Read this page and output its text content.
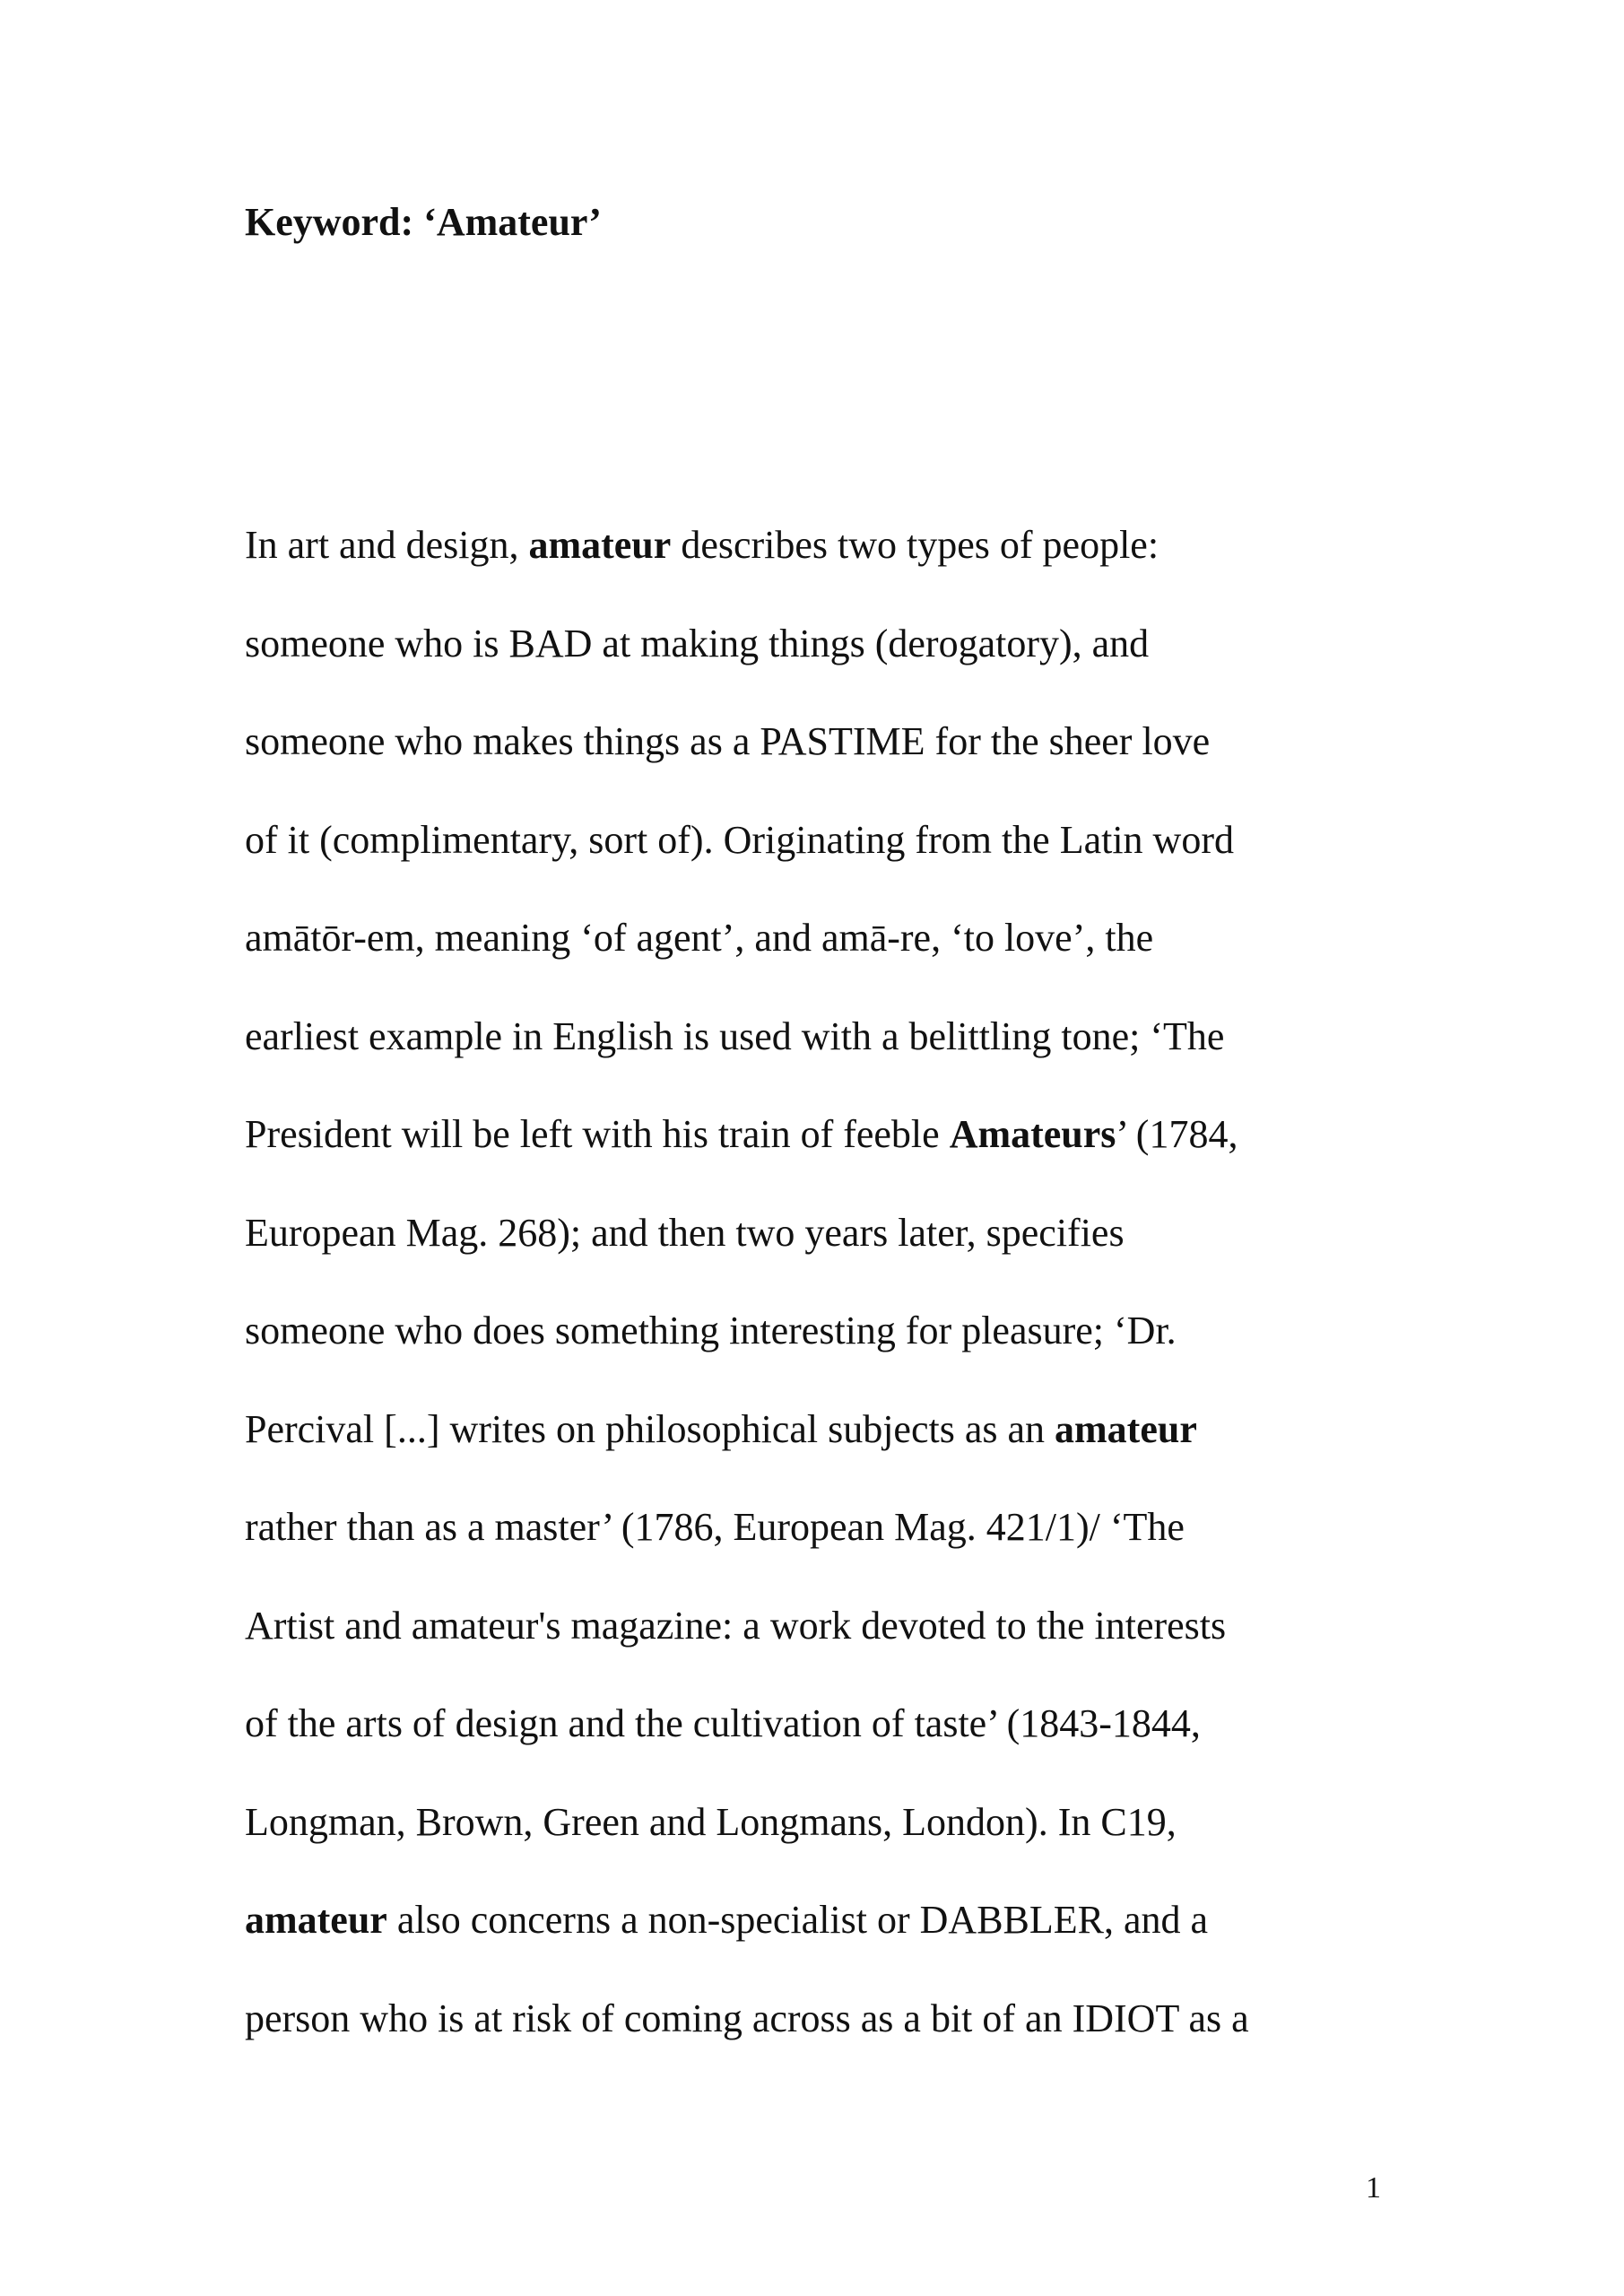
Keyword: ‘Amateur’
In art and design, amateur describes two types of people:
someone who is BAD at making things (derogatory), and
someone who makes things as a PASTIME for the sheer love
of it (complimentary, sort of). Originating from the Latin word
amātōr-em, meaning ‘of agent’, and amā-re, ‘to love’, the
earliest example in English is used with a belittling tone; ‘The
President will be left with his train of feeble Amateurs’ (1784,
European Mag. 268); and then two years later, specifies
someone who does something interesting for pleasure; ‘Dr.
Percival [...] writes on philosophical subjects as an amateur
rather than as a master’ (1786, European Mag. 421/1)/ ‘The
Artist and amateur's magazine: a work devoted to the interests
of the arts of design and the cultivation of taste’ (1843-1844,
Longman, Brown, Green and Longmans, London). In C19,
amateur also concerns a non-specialist or DABBLER, and a
person who is at risk of coming across as a bit of an IDIOT as a
1
